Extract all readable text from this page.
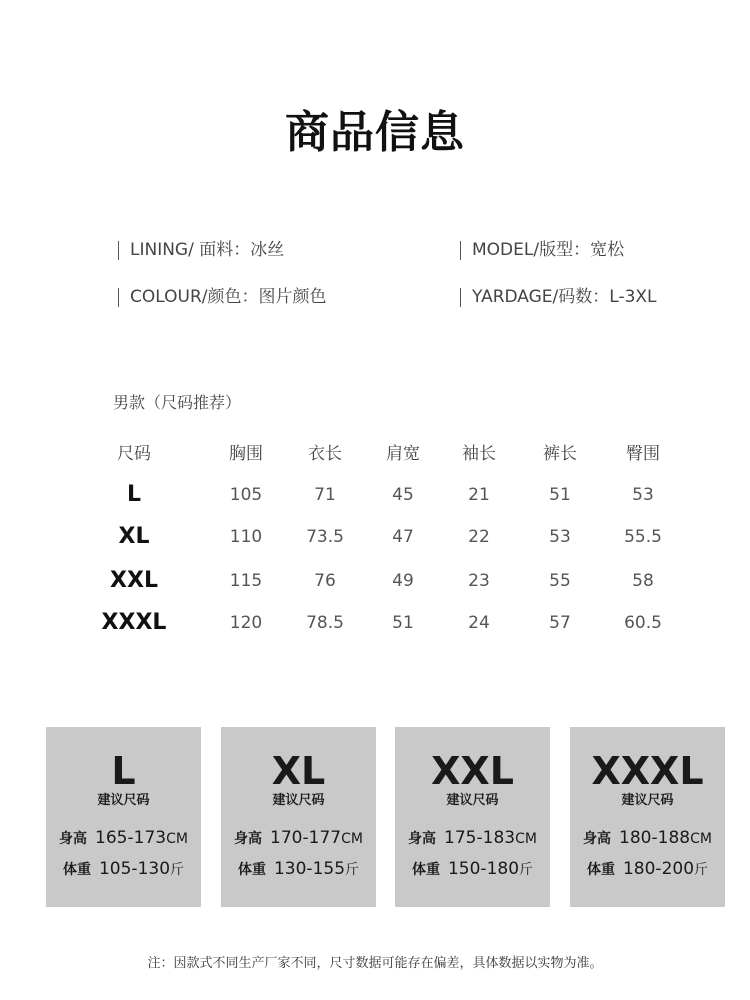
商品信息
LINING/ 面料： 冰丝	MODEL/版型： 宽松
COLOUR/颜色： 图片颜色	YARDAGE/码数： L-3XL
男款（尺码推荐）
尺码	胸围	衣长	肩宽	袖长	裤长	臀围
L	105	71	45	21	51	53
XL	110	73.5	47	22	53	55.5
XXL	115	76	49	23	55	58
XXXL	120	78.5	51	24	57	60.5
L
建议尺码
身高 165-173CM
体重 105-130斤
XL
建议尺码
身高 170-177CM
体重 130-155斤
XXL
建议尺码
身高 175-183CM
体重 150-180斤
XXXL
建议尺码
身高 180-188CM
体重 180-200斤
注：因款式不同生产厂家不同，尺寸数据可能存在偏差，具体数据以实物为准。
